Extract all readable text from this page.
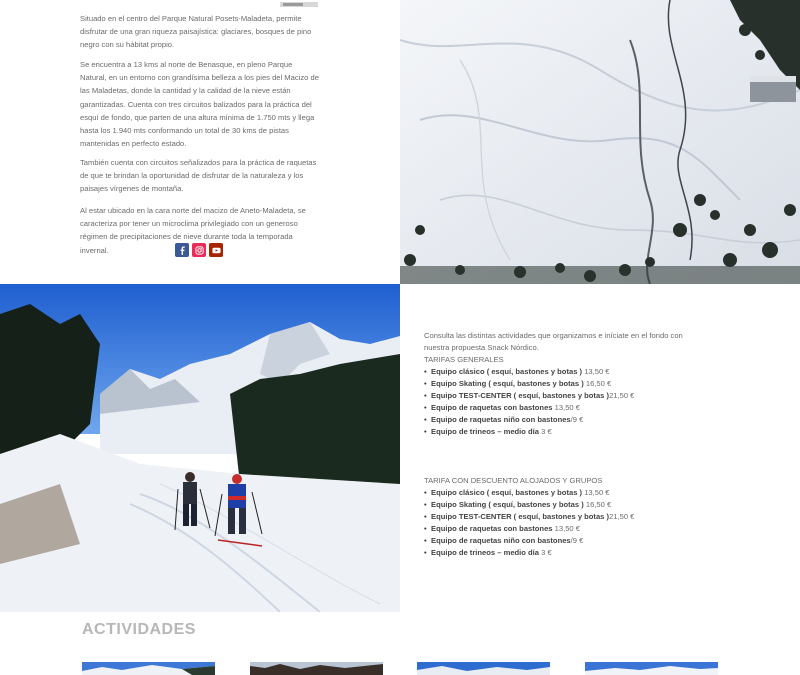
Situado en el centro del Parque Natural Posets-Maladeta, permite disfrutar de una gran riqueza paisajística: glaciares, bosques de pino negro con su hábitat propio.

Se encuentra a 13 kms al norte de Benasque, en pleno Parque Natural, en un entorno con grandísima belleza a los pies del Macizo de las Maladetas, donde la cantidad y la calidad de la nieve están garantizadas. Cuenta con tres circuitos balizados para la práctica del esquí de fondo, que parten de una altura mínima de 1.750 mts y llega hasta los 1.940 mts conformando un total de 30 kms de pistas mantenidas en perfecto estado.

También cuenta con circuitos señalizados para la práctica de raquetas de que te brindan la oportunidad de disfrutar de la naturaleza y los paisajes vírgenes de montaña.

Al estar ubicado en la cara norte del macizo de Aneto-Maladeta, se caracteriza por tener un microclima privilegiado con un generoso régimen de precipitaciones de nieve durante toda la temporada invernal.

Consulta las distintas actividades que organizamos e iníciate en el fondo con nuestra propuesta Snack Nórdico.

TARIFAS GENERALES

• Equipo clásico ( esquí, bastones y botas ) 13,50 €
• Equipo Skating ( esquí, bastones y botas ) 16,50 €
• Equipo TEST-CENTER ( esquí, bastones y botas )21,50 €
• Equipo de raquetas con bastones 13,50 €
• Equipo de raquetas niño con bastones/9 €
• Equipo de trineos – medio día 3 €

TARIFA CON DESCUENTO ALOJADOS Y GRUPOS

• Equipo clásico ( esquí, bastones y botas ) 13,50 €
• Equipo Skating ( esquí, bastones y botas ) 16,50 €
• Equipo TEST-CENTER ( esquí, bastones y botas )21,50 €
• Equipo de raquetas con bastones 13,50 €
• Equipo de raquetas niño con bastones/9 €
• Equipo de trineos – medio día 3 €
ACTIVIDADES
